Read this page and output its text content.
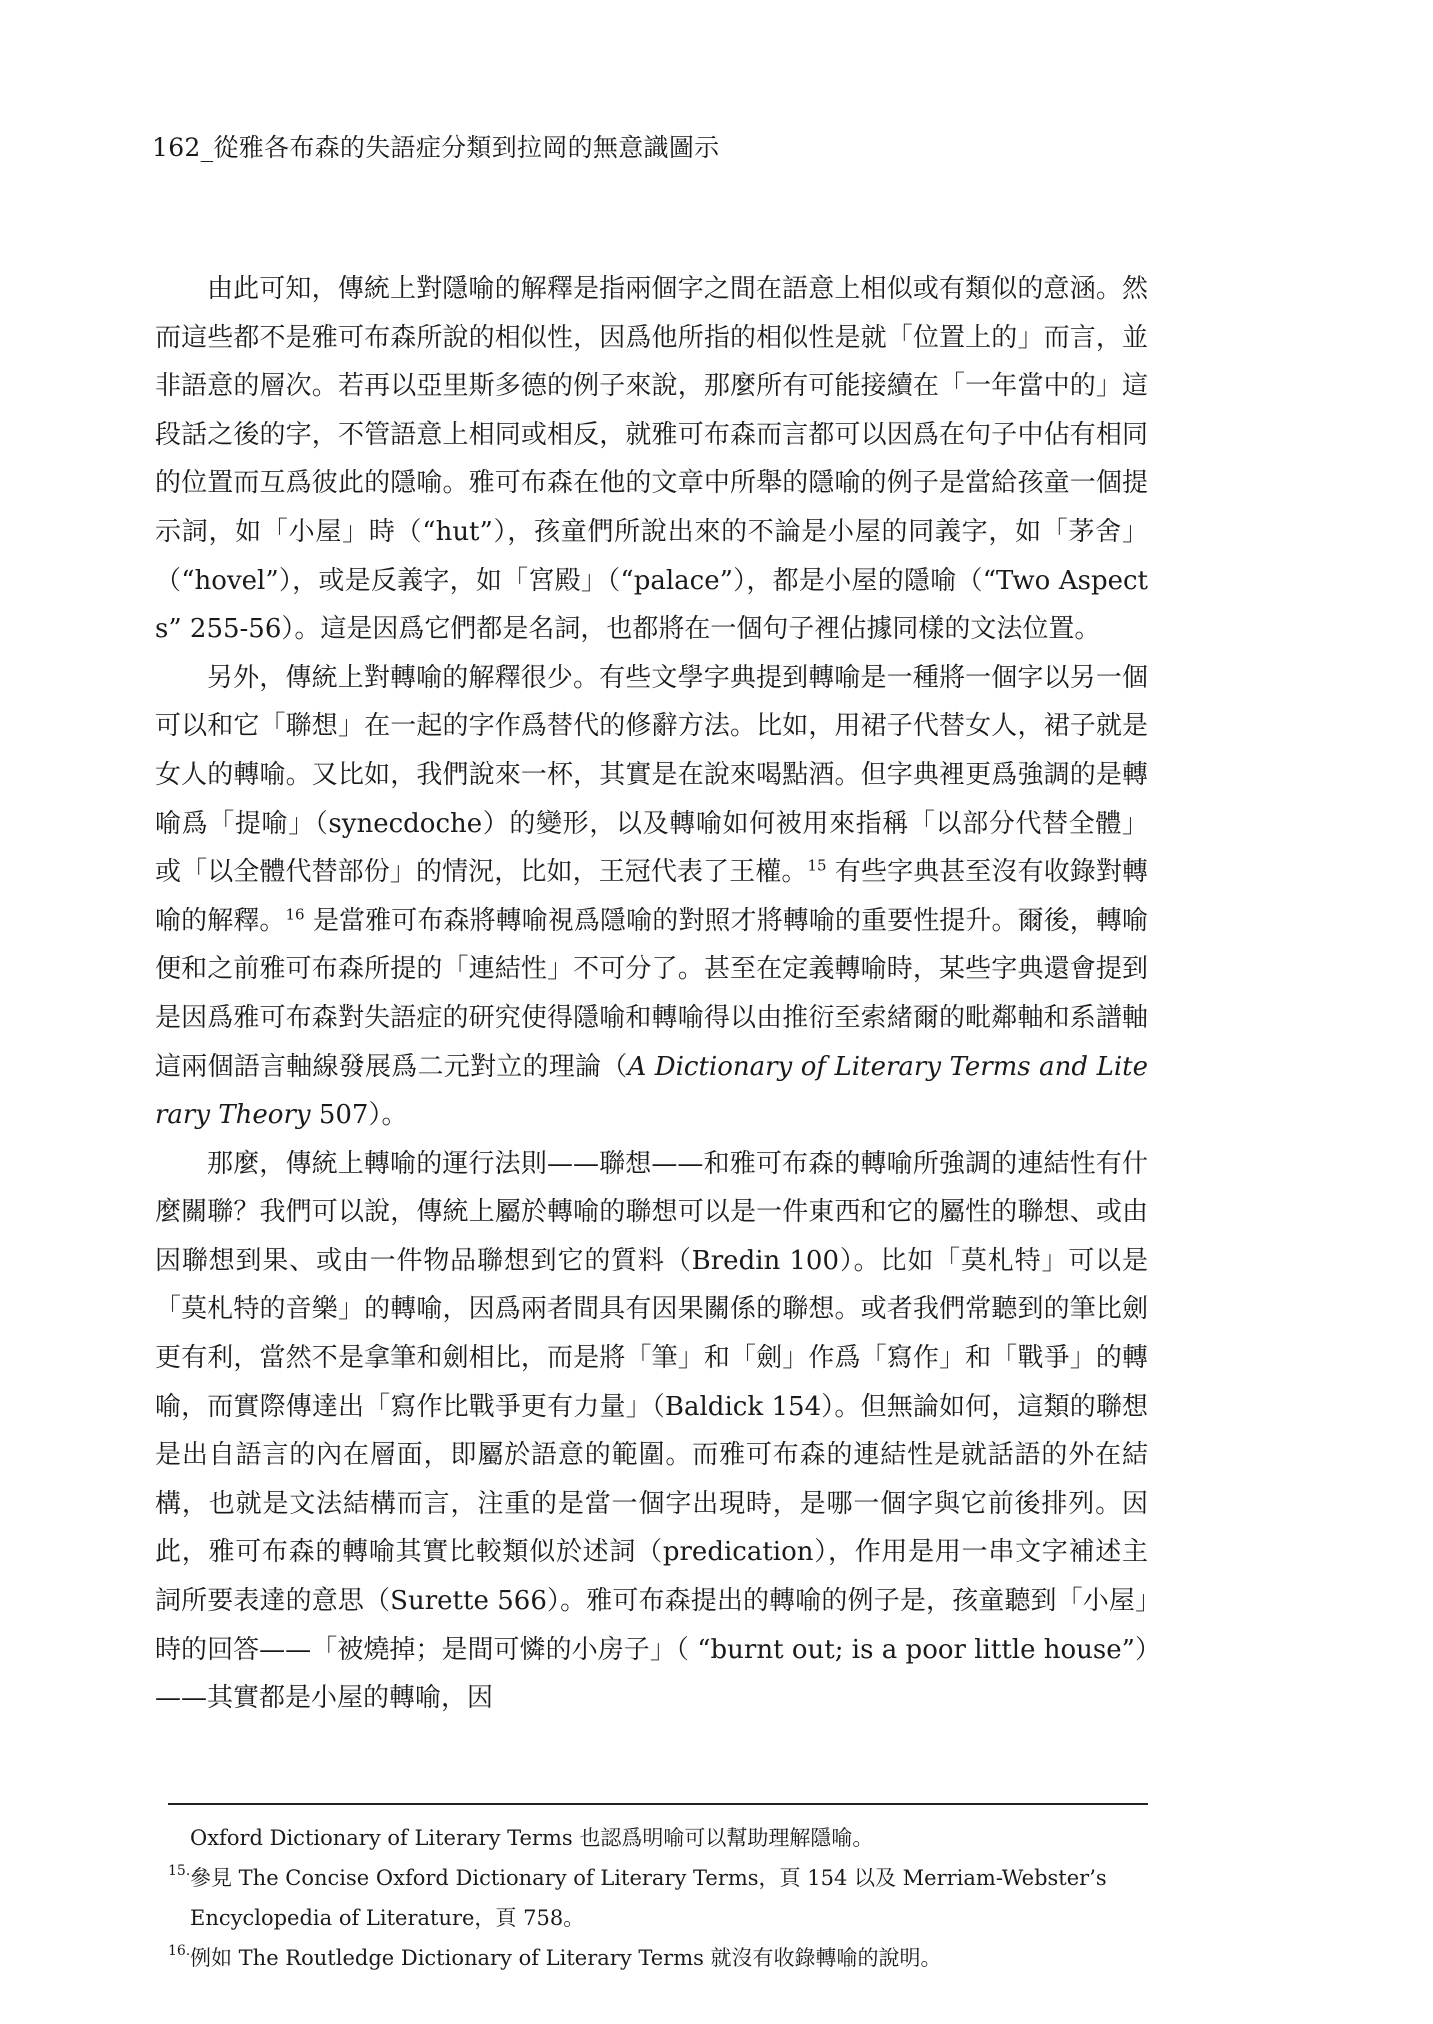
162_從雅各布森的失語症分類到拉岡的無意識圖示

由此可知，傳統上對隱喻的解釋是指兩個字之間在語意上相似或有類似的意涵。然而這些都不是雅可布森所說的相似性，因爲他所指的相似性是就「位置上的」而言，並非語意的層次。若再以亞里斯多德的例子來說，那麼所有可能接續在「一年當中的」這段話之後的字，不管語意上相同或相反，就雅可布森而言都可以因爲在句子中佔有相同的位置而互爲彼此的隱喻。雅可布森在他的文章中所舉的隱喻的例子是當給孩童一個提示詞，如「小屋」時（“hut”），孩童們所說出來的不論是小屋的同義字，如「茅舍」（“hovel”），或是反義字，如「宮殿」（“palace”），都是小屋的隱喻（“Two Aspects” 255-56）。這是因爲它們都是名詞，也都將在一個句子裡佔據同樣的文法位置。

另外，傳統上對轉喻的解釋很少。有些文學字典提到轉喻是一種將一個字以另一個可以和它「聯想」在一起的字作爲替代的修辭方法。比如，用裙子代替女人，裙子就是女人的轉喻。又比如，我們說來一杯，其實是在說來喝點酒。但字典裡更爲強調的是轉喻爲「提喻」（synecdoche）的變形，以及轉喻如何被用來指稱「以部分代替全體」或「以全體代替部份」的情況，比如，王冠代表了王權。$^{15}$ 有些字典甚至沒有收錄對轉喻的解釋。$^{16}$ 是當雅可布森將轉喻視爲隱喻的對照才將轉喻的重要性提升。爾後，轉喻便和之前雅可布森所提的「連結性」不可分了。甚至在定義轉喻時，某些字典還會提到是因爲雅可布森對失語症的研究使得隱喻和轉喻得以由推衍至索緒爾的毗鄰軸和系譜軸這兩個語言軸線發展爲二元對立的理論（A Dictionary of Literary Terms and Literary Theory 507）。

那麼，傳統上轉喻的運行法則——聯想——和雅可布森的轉喻所強調的連結性有什麼關聯？我們可以說，傳統上屬於轉喻的聯想可以是一件東西和它的屬性的聯想、或由因聯想到果、或由一件物品聯想到它的質料（Bredin 100）。比如「莫札特」可以是「莫札特的音樂」的轉喻，因爲兩者間具有因果關係的聯想。或者我們常聽到的筆比劍更有利，當然不是拿筆和劍相比，而是將「筆」和「劍」作爲「寫作」和「戰爭」的轉喻，而實際傳達出「寫作比戰爭更有力量」（Baldick 154）。但無論如何，這類的聯想是出自語言的內在層面，即屬於語意的範圍。而雅可布森的連結性是就話語的外在結構，也就是文法結構而言，注重的是當一個字出現時，是哪一個字與它前後排列。因此，雅可布森的轉喻其實比較類似於述詞（predication），作用是用一串文字補述主詞所要表達的意思（Surette 566）。雅可布森提出的轉喻的例子是，孩童聽到「小屋」時的回答——「被燒掉；是間可憐的小房子」（ “burnt out; is a poor little house”）——其實都是小屋的轉喻，因

Oxford Dictionary of Literary Terms 也認爲明喻可以幫助理解隱喻。
15. 參見 The Concise Oxford Dictionary of Literary Terms，頁 154 以及 Merriam-Webster’s Encyclopedia of Literature，頁 758。
16. 例如 The Routledge Dictionary of Literary Terms 就沒有收錄轉喻的說明。
